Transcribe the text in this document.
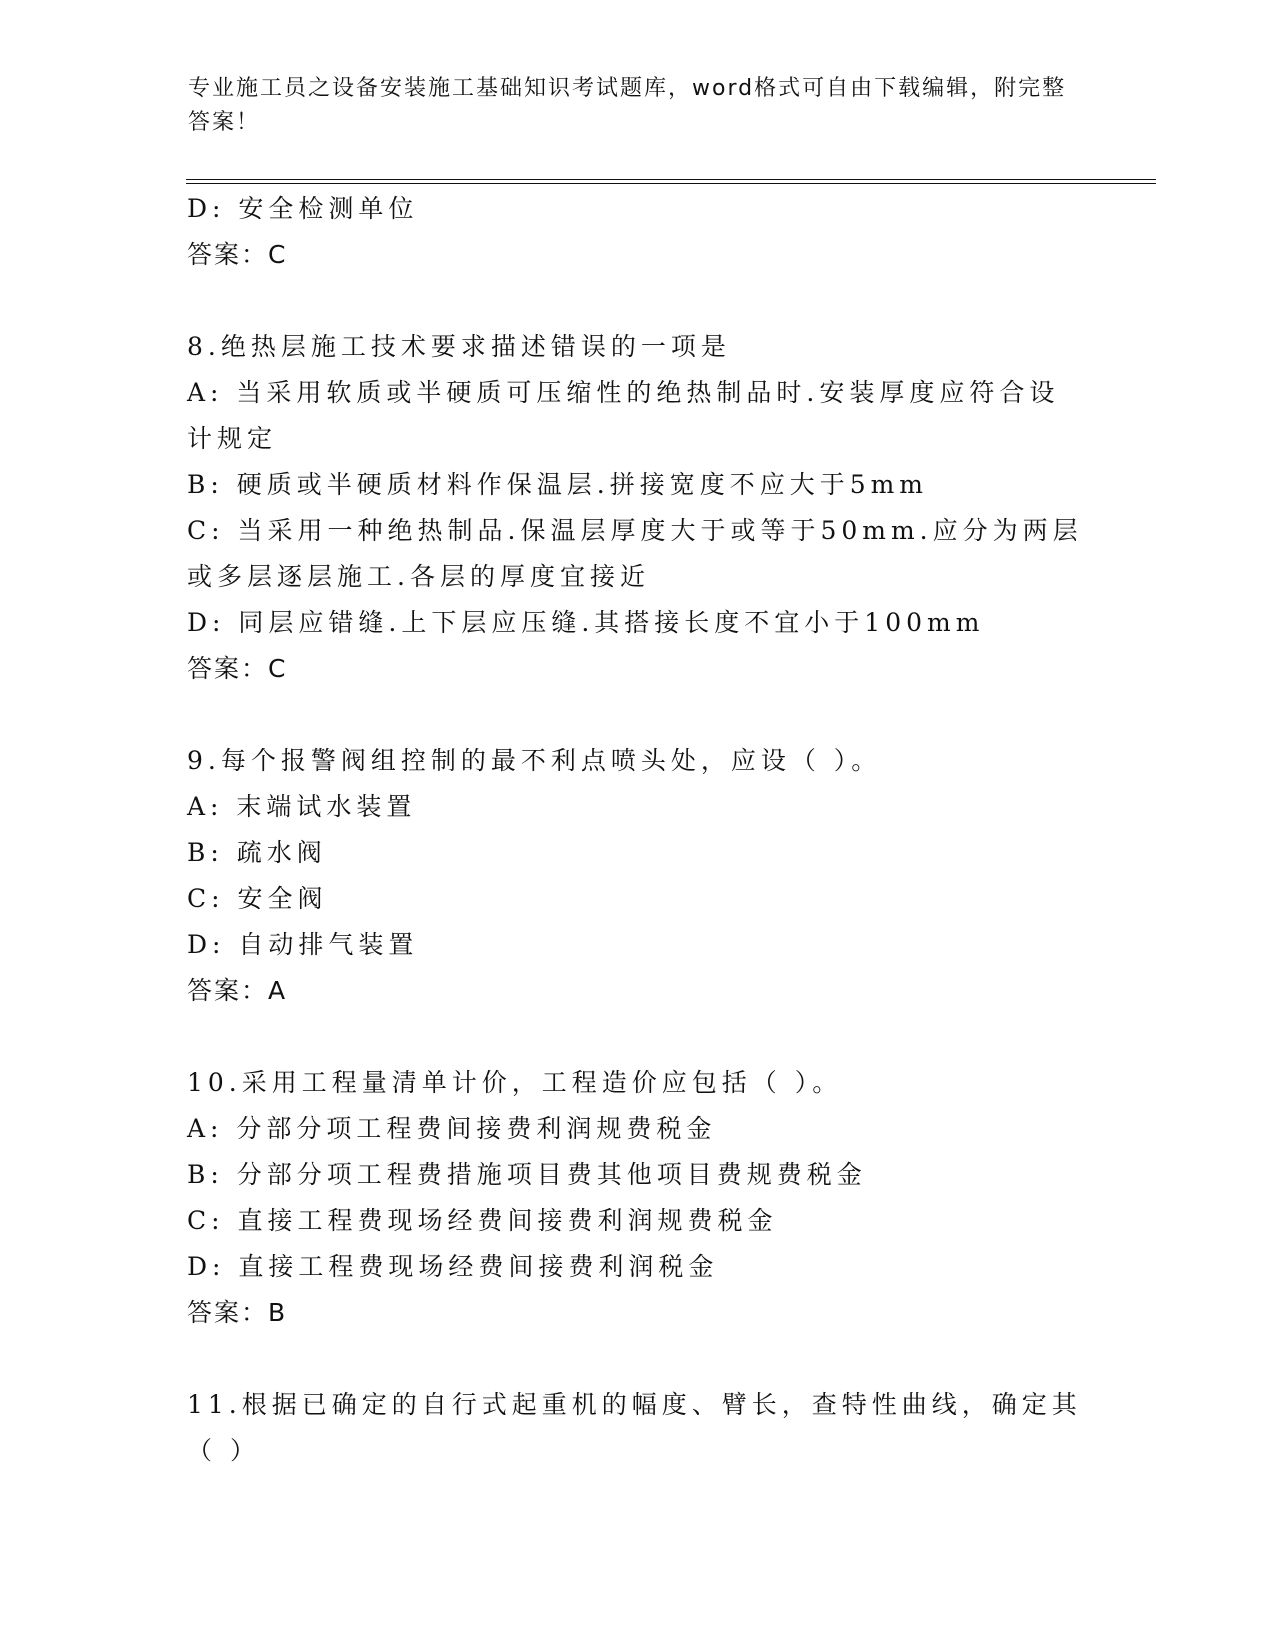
专业施工员之设备安装施工基础知识考试题库，word格式可自由下载编辑，附完整答案！
D: 安全检测单位
答案：C
8.绝热层施工技术要求描述错误的一项是
A: 当采用软质或半硬质可压缩性的绝热制品时.安装厚度应符合设计规定
B: 硬质或半硬质材料作保温层.拼接宽度不应大于5mm
C: 当采用一种绝热制品.保温层厚度大于或等于50mm.应分为两层或多层逐层施工.各层的厚度宜接近
D: 同层应错缝.上下层应压缝.其搭接长度不宜小于100mm
答案：C
9.每个报警阀组控制的最不利点喷头处，应设（ ）。
A: 末端试水装置
B: 疏水阀
C: 安全阀
D: 自动排气装置
答案：A
10.采用工程量清单计价，工程造价应包括（ ）。
A: 分部分项工程费间接费利润规费税金
B: 分部分项工程费措施项目费其他项目费规费税金
C: 直接工程费现场经费间接费利润规费税金
D: 直接工程费现场经费间接费利润税金
答案：B
11.根据已确定的自行式起重机的幅度、臂长，查特性曲线，确定其（ ）
